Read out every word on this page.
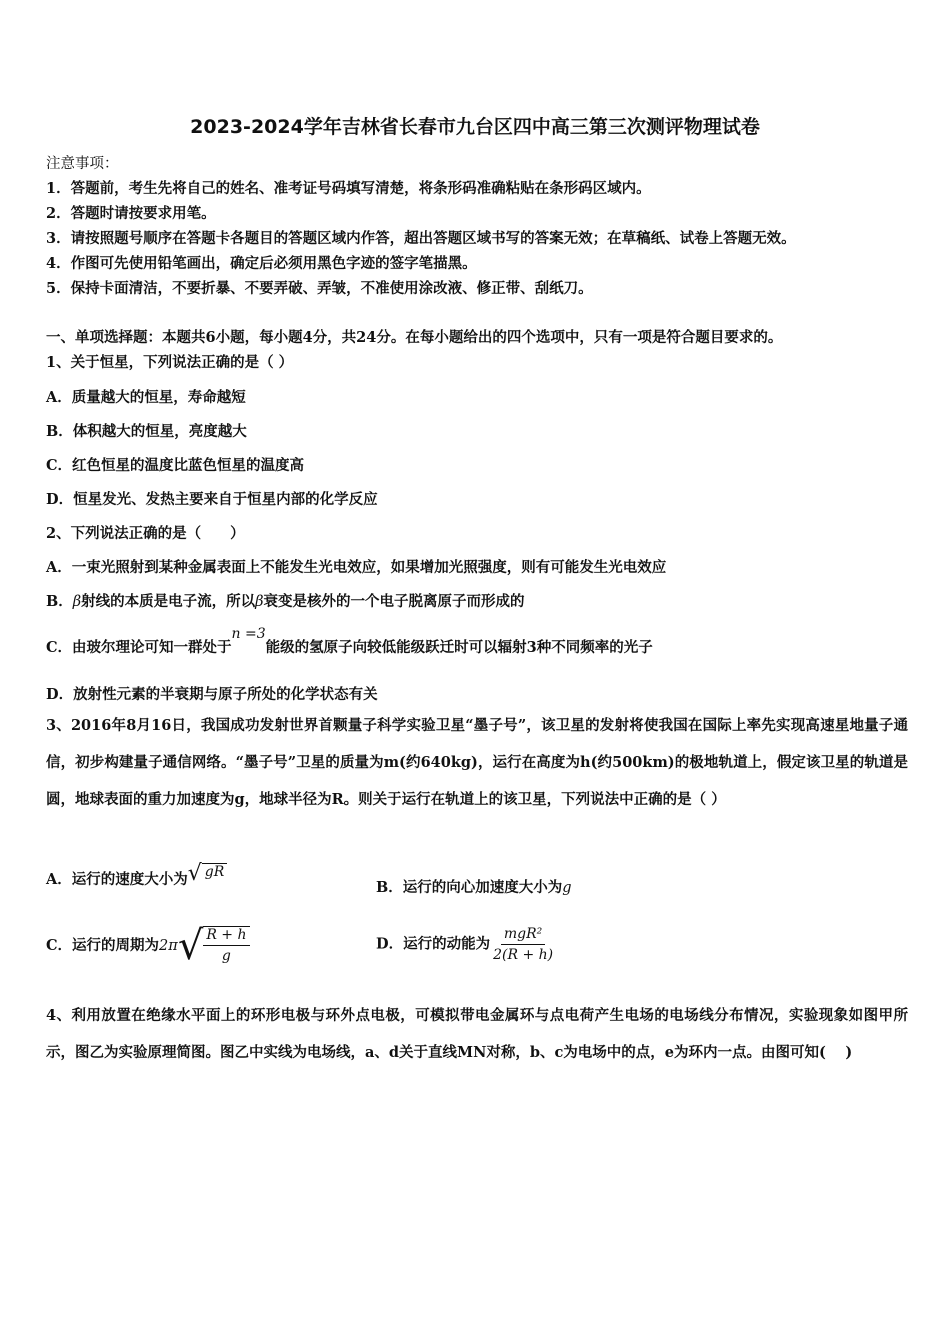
2023-2024学年吉林省长春市九台区四中高三第三次测评物理试卷
注意事项：
1．答题前，考生先将自己的姓名、准考证号码填写清楚，将条形码准确粘贴在条形码区域内。
2．答题时请按要求用笔。
3．请按照题号顺序在答题卡各题目的答题区域内作答，超出答题区域书写的答案无效；在草稿纸、试卷上答题无效。
4．作图可先使用铅笔画出，确定后必须用黑色字迹的签字笔描黑。
5．保持卡面清洁，不要折暴、不要弄破、弄皱，不准使用涂改液、修正带、刮纸刀。
一、单项选择题：本题共6小题，每小题4分，共24分。在每小题给出的四个选项中，只有一项是符合题目要求的。
1、关于恒星，下列说法正确的是（ ）
A．质量越大的恒星，寿命越短
B．体积越大的恒星，亮度越大
C．红色恒星的温度比蓝色恒星的温度高
D．恒星发光、发热主要来自于恒星内部的化学反应
2、下列说法正确的是（　　）
A．一束光照射到某种金属表面上不能发生光电效应，如果增加光照强度，则有可能发生光电效应
B．β射线的本质是电子流，所以β衰变是核外的一个电子脱离原子而形成的
C．由玻尔理论可知一群处于n =3能级的氢原子向较低能级跃迁时可以辐射3种不同频率的光子
D．放射性元素的半衰期与原子所处的化学状态有关
3、2016年8月16日，我国成功发射世界首颗量子科学实验卫星“墨子号”，该卫星的发射将使我国在国际上率先实现高速星地量子通信，初步构建量子通信网络。“墨子号”卫星的质量为m(约640kg)，运行在高度为h(约500km)的极地轨道上，假定该卫星的轨道是圆，地球表面的重力加速度为g，地球半径为R。则关于运行在轨道上的该卫星，下列说法中正确的是（ ）
A．运行的速度大小为 √ gR
B．运行的向心加速度大小为g
C．运行的周期为2π √ $\frac{R + h}{g}$	D．运行的动能为 $\frac{\text{mgR²}}{2(R + h)}$
4、利用放置在绝缘水平面上的环形电极与环外点电极，可模拟带电金属环与点电荷产生电场的电场线分布情况，实验现象如图甲所示，图乙为实验原理简图。图乙中实线为电场线，a、d关于直线MN对称，b、c为电场中的点，e为环内一点。由图可知(　 )
